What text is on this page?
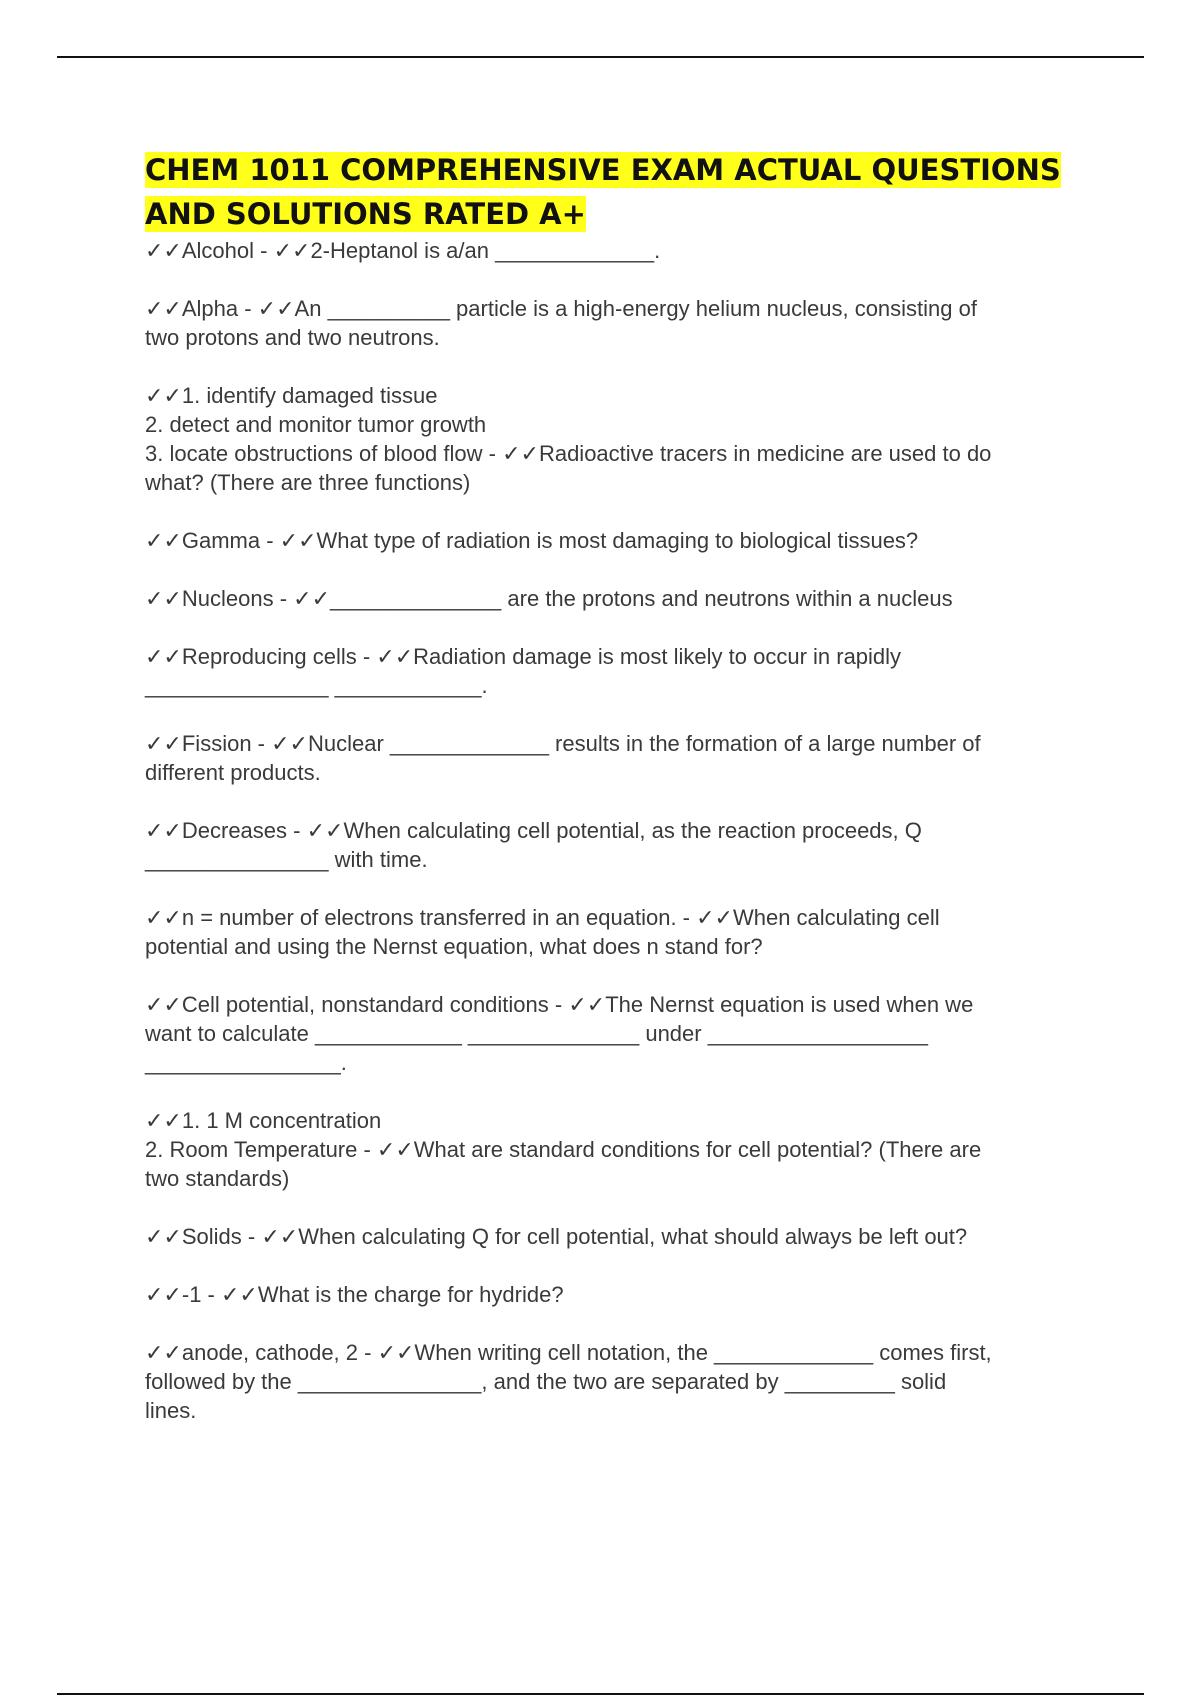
CHEM 1011 COMPREHENSIVE EXAM ACTUAL QUESTIONS
AND SOLUTIONS RATED A+
✓✓Alcohol - ✓✓2-Heptanol is a/an _____________.
✓✓Alpha - ✓✓An __________ particle is a high-energy helium nucleus, consisting of
two protons and two neutrons.
✓✓1. identify damaged tissue
2. detect and monitor tumor growth
3. locate obstructions of blood flow - ✓✓Radioactive tracers in medicine are used to do
what? (There are three functions)
✓✓Gamma - ✓✓What type of radiation is most damaging to biological tissues?
✓✓Nucleons - ✓✓______________ are the protons and neutrons within a nucleus
✓✓Reproducing cells - ✓✓Radiation damage is most likely to occur in rapidly
_______________ ____________.
✓✓Fission - ✓✓Nuclear _____________ results in the formation of a large number of
different products.
✓✓Decreases - ✓✓When calculating cell potential, as the reaction proceeds, Q
_______________ with time.
✓✓n = number of electrons transferred in an equation. - ✓✓When calculating cell
potential and using the Nernst equation, what does n stand for?
✓✓Cell potential, nonstandard conditions - ✓✓The Nernst equation is used when we
want to calculate ____________ ______________ under __________________
________________.
✓✓1. 1 M concentration
2. Room Temperature - ✓✓What are standard conditions for cell potential? (There are
two standards)
✓✓Solids - ✓✓When calculating Q for cell potential, what should always be left out?
✓✓-1 - ✓✓What is the charge for hydride?
✓✓anode, cathode, 2 - ✓✓When writing cell notation, the _____________ comes first,
followed by the _______________, and the two are separated by _________ solid
lines.
